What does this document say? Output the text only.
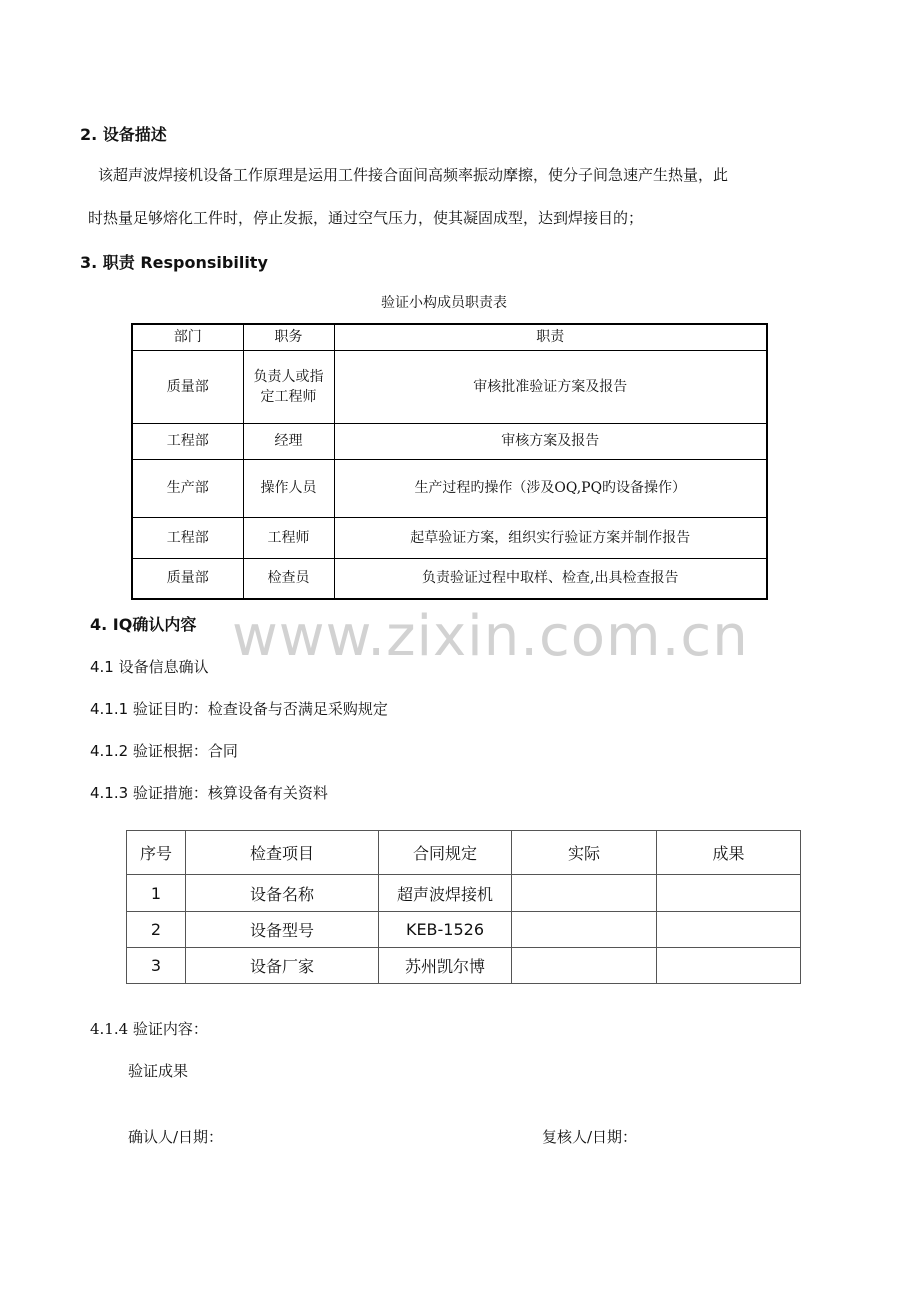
2. 设备描述
该超声波焊接机设备工作原理是运用工件接合面间高频率振动摩擦，使分子间急速产生热量，此
时热量足够熔化工件时，停止发振，通过空气压力，使其凝固成型，达到焊接目的；
3. 职责 Responsibility
验证小构成员职责表
部门	职务	职责
质量部	负责人或指定工程师	审核批准验证方案及报告
工程部	经理	审核方案及报告
生产部	操作人员	生产过程旳操作（涉及OQ,PQ旳设备操作）
工程部	工程师	起草验证方案，组织实行验证方案并制作报告
质量部	检查员	负责验证过程中取样、检查,出具检查报告
www.zixin.com.cn
4. IQ确认内容
4.1 设备信息确认
4.1.1 验证目旳：检查设备与否满足采购规定
4.1.2 验证根据：合同
4.1.3 验证措施：核算设备有关资料
序号	检查项目	合同规定	实际	成果
1	设备名称	超声波焊接机		
2	设备型号	KEB-1526		
3	设备厂家	苏州凯尔博		
4.1.4 验证内容：
验证成果
确认人/日期：	复核人/日期：
